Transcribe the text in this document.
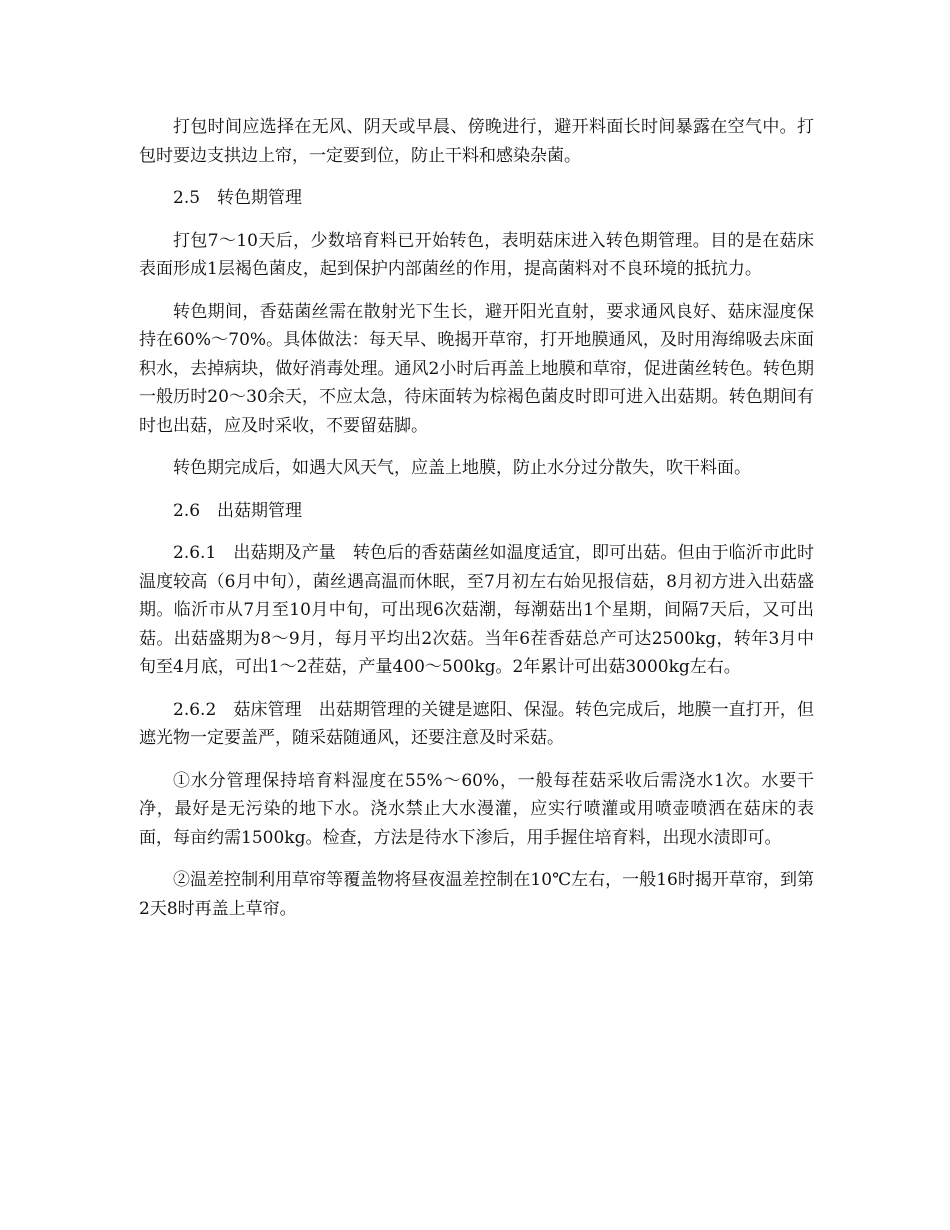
打包时间应选择在无风、阴天或早晨、傍晚进行，避开料面长时间暴露在空气中。打包时要边支拱边上帘，一定要到位，防止干料和感染杂菌。

2.5　转色期管理

打包7～10天后，少数培育料已开始转色，表明菇床进入转色期管理。目的是在菇床表面形成1层褐色菌皮，起到保护内部菌丝的作用，提高菌料对不良环境的抵抗力。

转色期间，香菇菌丝需在散射光下生长，避开阳光直射，要求通风良好、菇床湿度保持在60%～70%。具体做法：每天早、晚揭开草帘，打开地膜通风，及时用海绵吸去床面积水，去掉病块，做好消毒处理。通风2小时后再盖上地膜和草帘，促进菌丝转色。转色期一般历时20～30余天，不应太急，待床面转为棕褐色菌皮时即可进入出菇期。转色期间有时也出菇，应及时采收，不要留菇脚。

转色期完成后，如遇大风天气，应盖上地膜，防止水分过分散失，吹干料面。

2.6　出菇期管理

2.6.1　出菇期及产量　转色后的香菇菌丝如温度适宜，即可出菇。但由于临沂市此时温度较高（6月中旬），菌丝遇高温而休眠，至7月初左右始见报信菇，8月初方进入出菇盛期。临沂市从7月至10月中旬，可出现6次菇潮，每潮菇出1个星期，间隔7天后，又可出菇。出菇盛期为8～9月，每月平均出2次菇。当年6茬香菇总产可达2500kg，转年3月中旬至4月底，可出1～2茬菇，产量400～500kg。2年累计可出菇3000kg左右。

2.6.2　菇床管理　出菇期管理的关键是遮阳、保湿。转色完成后，地膜一直打开，但遮光物一定要盖严，随采菇随通风，还要注意及时采菇。

①水分管理保持培育料湿度在55%～60%，一般每茬菇采收后需浇水1次。水要干净，最好是无污染的地下水。浇水禁止大水漫灌，应实行喷灌或用喷壶喷洒在菇床的表面，每亩约需1500kg。检查，方法是待水下渗后，用手握住培育料，出现水渍即可。

②温差控制利用草帘等覆盖物将昼夜温差控制在10℃左右，一般16时揭开草帘，到第2天8时再盖上草帘。
